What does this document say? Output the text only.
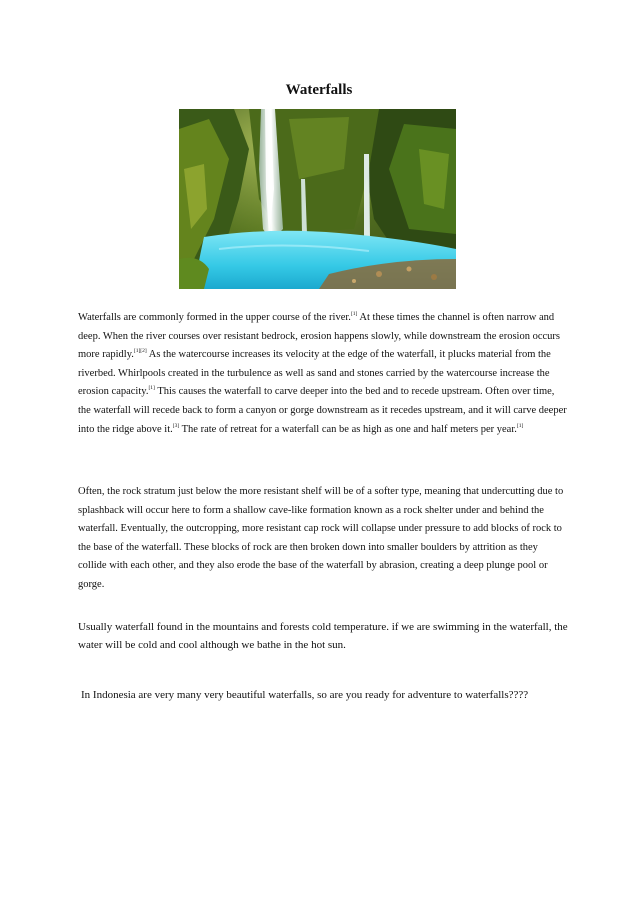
Waterfalls

Waterfalls are commonly formed in the upper course of the river.[1] At these times the channel is often narrow and deep. When the river courses over resistant bedrock, erosion happens slowly, while downstream the erosion occurs more rapidly.[1][2] As the watercourse increases its velocity at the edge of the waterfall, it plucks material from the riverbed. Whirlpools created in the turbulence as well as sand and stones carried by the watercourse increase the erosion capacity.[1] This causes the waterfall to carve deeper into the bed and to recede upstream. Often over time, the waterfall will recede back to form a canyon or gorge downstream as it recedes upstream, and it will carve deeper into the ridge above it.[3] The rate of retreat for a waterfall can be as high as one and half meters per year.[1]

Often, the rock stratum just below the more resistant shelf will be of a softer type, meaning that undercutting due to splashback will occur here to form a shallow cave-like formation known as a rock shelter under and behind the waterfall. Eventually, the outcropping, more resistant cap rock will collapse under pressure to add blocks of rock to the base of the waterfall. These blocks of rock are then broken down into smaller boulders by attrition as they collide with each other, and they also erode the base of the waterfall by abrasion, creating a deep plunge pool or gorge.

Usually waterfall found in the mountains and forests cold temperature. if we are swimming in the waterfall, the water will be cold and cool although we bathe in the hot sun.

In Indonesia are very many very beautiful waterfalls, so are you ready for adventure to waterfalls????
